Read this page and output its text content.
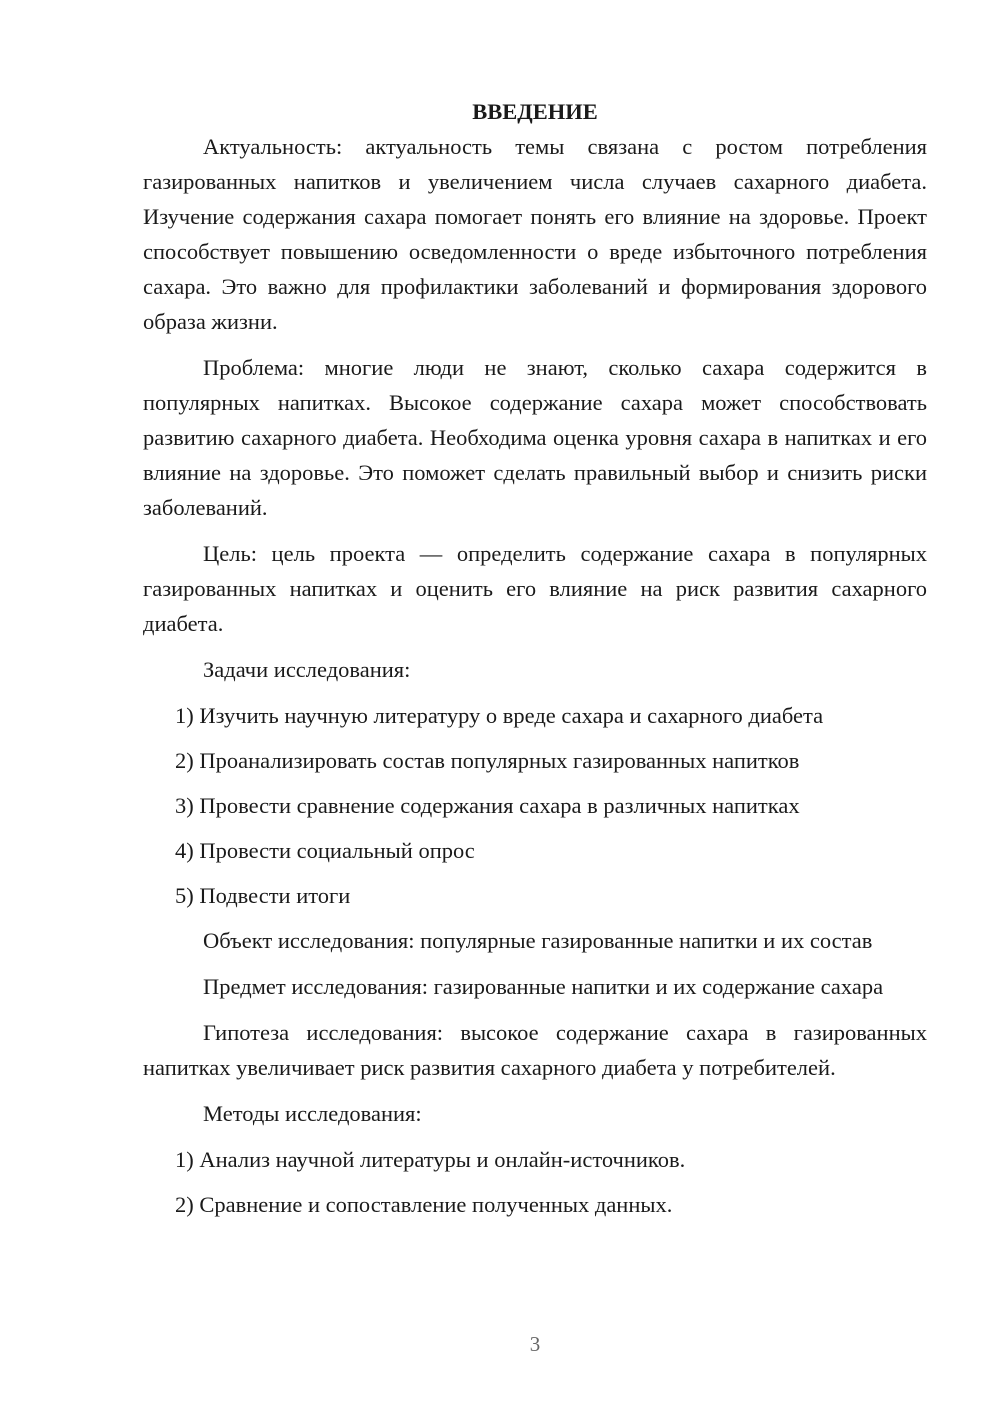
ВВЕДЕНИЕ

Актуальность: актуальность темы связана с ростом потребления газированных напитков и увеличением числа случаев сахарного диабета. Изучение содержания сахара помогает понять его влияние на здоровье. Проект способствует повышению осведомленности о вреде избыточного потребления сахара. Это важно для профилактики заболеваний и формирования здорового образа жизни.

Проблема: многие люди не знают, сколько сахара содержится в популярных напитках. Высокое содержание сахара может способствовать развитию сахарного диабета. Необходима оценка уровня сахара в напитках и его влияние на здоровье. Это поможет сделать правильный выбор и снизить риски заболеваний.

Цель: цель проекта — определить содержание сахара в популярных газированных напитках и оценить его влияние на риск развития сахарного диабета.

Задачи исследования:

1) Изучить научную литературу о вреде сахара и сахарного диабета

2) Проанализировать состав популярных газированных напитков

3) Провести сравнение содержания сахара в различных напитках

4) Провести социальный опрос

5) Подвести итоги

Объект исследования: популярные газированные напитки и их состав

Предмет исследования: газированные напитки и их содержание сахара

Гипотеза исследования: высокое содержание сахара в газированных напитках увеличивает риск развития сахарного диабета у потребителей.

Методы исследования:

1) Анализ научной литературы и онлайн-источников.

2) Сравнение и сопоставление полученных данных.

3
